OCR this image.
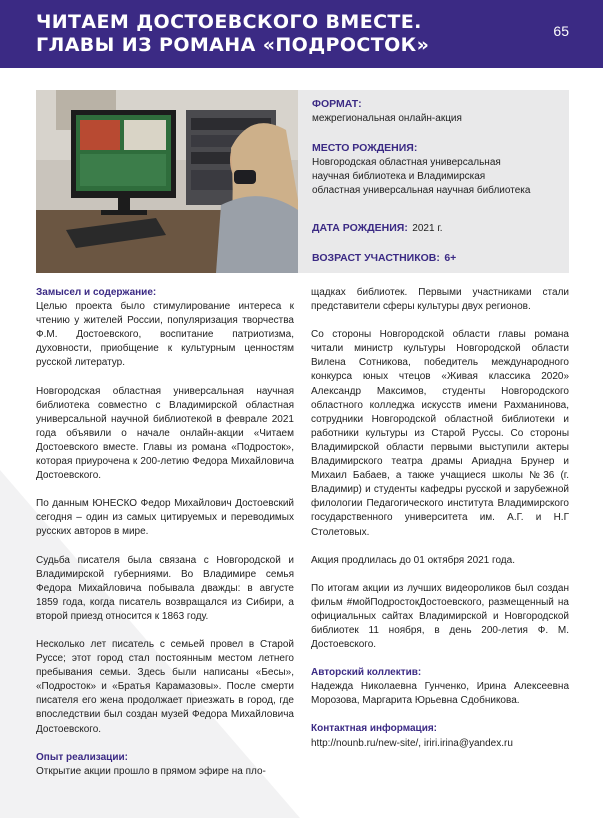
ЧИТАЕМ ДОСТОЕВСКОГО ВМЕСТЕ.
ГЛАВЫ ИЗ РОМАНА «ПОДРОСТОК»
65
ФОРМАТ:
межрегиональная онлайн-акция
МЕСТО РОЖДЕНИЯ:
Новгородская областная универсальная
научная библиотека и Владимирская
областная универсальная научная библиотека
ДАТА РОЖДЕНИЯ: 2021 г.
ВОЗРАСТ УЧАСТНИКОВ: 6+
Замысел и содержание:

Целью проекта было стимулирование интереса к чтению у жителей России, популяризация творчества Ф.М. Достоевского, воспитание патриотизма, духовности, приобщение к культурным ценностям русской литератур.

Новгородская областная универсальная научная библиотека совместно с Владимирской областная универсальной научной библиотекой в феврале 2021 года объявили о начале онлайн-акции «Читаем Достоевского вместе. Главы из романа «Подросток», которая приурочена к 200-летию Федора Михайловича Достоевского.

По данным ЮНЕСКО Федор Михайлович Достоевский сегодня – один из самых цитируемых и переводимых русских авторов в мире.

Судьба писателя была связана с Новгородской и Владимирской губерниями. Во Владимире семья Федора Михайловича побывала дважды: в августе 1859 года, когда писатель возвращался из Сибири, а второй приезд относится к 1863 году.

Несколько лет писатель с семьей провел в Старой Руссе; этот город стал постоянным местом летнего пребывания семьи. Здесь были написаны «Бесы», «Подросток» и «Братья Карамазовы». После смерти писателя его жена продолжает приезжать в город, где впоследствии был создан музей Федора Михайловича Достоевского.

Опыт реализации:

Открытие акции прошло в прямом эфире на пло-

щадках библиотек. Первыми участниками стали представители сферы культуры двух регионов.

Со стороны Новгородской области главы романа читали министр культуры Новгородской области Вилена Сотникова, победитель международного конкурса юных чтецов «Живая классика 2020» Александр Максимов, студенты Новгородского областного колледжа искусств имени Рахманинова, сотрудники Новгородской областной библиотеки и работники культуры из Старой Руссы. Со стороны Владимирской области первыми выступили актеры Владимирского театра драмы Ариадна Брунер и Михаил Бабаев, а также учащиеся школы №36 (г. Владимир) и студенты кафедры русской и зарубежной филологии Педагогического института Владимирского государственного университета им. А.Г. и Н.Г Столетовых.

Акция продлилась до 01 октября 2021 года.

По итогам акции из лучших видеороликов был создан фильм #мойПодростокДостоевского, размещенный на официальных сайтах Владимирской и Новгородской библиотек 11 ноября, в день 200-летия Ф. М. Достоевского.

Авторский коллектив:

Надежда Николаевна Гунченко, Ирина Алексеевна Морозова, Маргарита Юрьевна Сдобникова.

Контактная информация:

http://nounb.ru/new-site/, iriri.irina@yandex.ru
